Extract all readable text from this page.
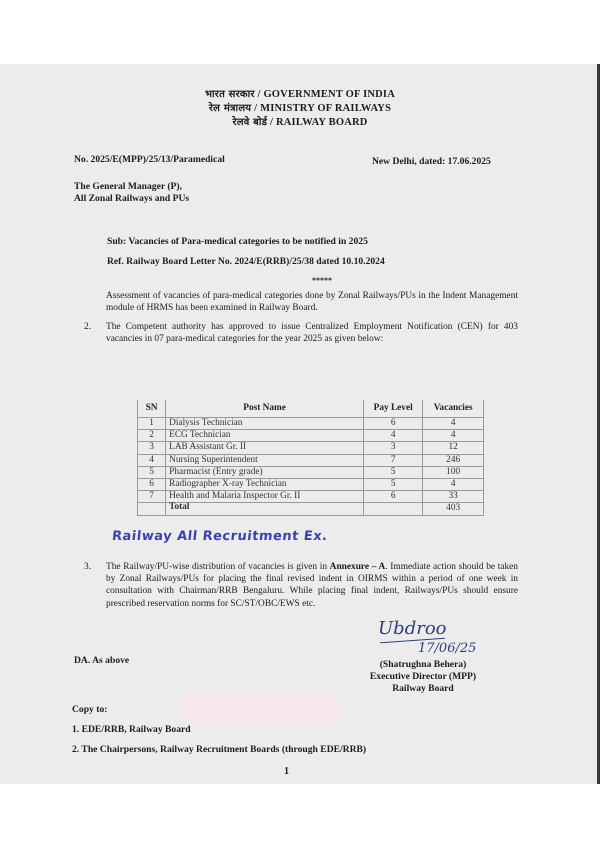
भारत सरकार / GOVERNMENT OF INDIA
रेल मंत्रालय / MINISTRY OF RAILWAYS
रेलवे बोर्ड / RAILWAY BOARD
No. 2025/E(MPP)/25/13/Paramedical	New Delhi, dated: 17.06.2025
The General Manager (P),
All Zonal Railways and PUs
Sub: Vacancies of Para-medical categories to be notified in 2025
Ref. Railway Board Letter No. 2024/E(RRB)/25/38 dated 10.10.2024
*****
Assessment of vacancies of para-medical categories done by Zonal Railways/PUs in the Indent Management module of HRMS has been examined in Railway Board.
2. The Competent authority has approved to issue Centralized Employment Notification (CEN) for 403 vacancies in 07 para-medical categories for the year 2025 as given below:
3. The Railway/PU-wise distribution of vacancies is given in Annexure – A. Immediate action should be taken by Zonal Railways/PUs for placing the final revised indent in OIRMS within a period of one week in consultation with Chairman/RRB Bengaluru. While placing final indent, Railways/PUs should ensure prescribed reservation norms for SC/ST/OBC/EWS etc.
DA. As above
Ubdroo
17/06/25
(Shatrughna Behera)
Executive Director (MPP)
Railway Board
Copy to:
1. EDE/RRB, Railway Board
2. The Chairpersons, Railway Recruitment Boards (through EDE/RRB)
1
SN	Post Name	Pay Level	Vacancies
1	Dialysis Technician	6	4
2	ECG Technician	4	4
3	LAB Assistant Gr. II	3	12
4	Nursing Superintendent	7	246
5	Pharmacist (Entry grade)	5	100
6	Radiographer X-ray Technician	5	4
7	Health and Malaria Inspector Gr. II	6	33
	Total		403
Railway All Recruitment Ex.
